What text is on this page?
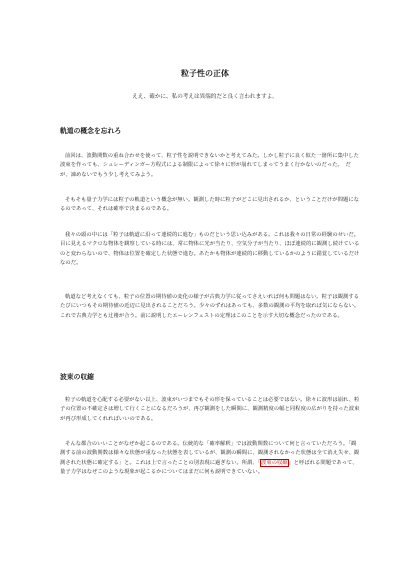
粒子性の正体
ええ、確かに、私の考えは異端的だと良く言われますよ。
軌道の概念を忘れろ

前回は、波動関数の重ね合わせを使って、粒子性を説明できないかと考えてみた。しかし粒子に良く似た一箇所に集中した波束を作っても、シュレーディンガー方程式による制限によって徐々に形が崩れてしまってうまく行かないのだった。　だが、諦めないでもう少し考えてみよう。

そもそも量子力学には粒子の軌道という概念が無い。観測した時に粒子がどこに見出されるか、ということだけが問題になるのであって、それは確率で決まるのである。

我々の頭の中には「粒子は軌道に沿って連続的に進む」ものだという思い込みがある。これは我々の日常の経験のせいだ。目に見えるマクロな物体を観察している時には、常に物体に光が当たり、空気分子が当たり、ほぼ連続的に観測し続けているのと変わらないので、物体は位置を確定した状態で進む。あたかも物体が連続的に移動しているかのように錯覚しているだけなのだ。

軌道など考えなくても、粒子の位置の期待値の変化の様子が古典力学に従ってさえいれば何も問題はない。粒子は観測するたびにいつもその期待値の近辺に見出されることだろう。少々のずれはあっても、多数の観測の平均を取れば気にならない。これで古典力学とも辻褄が合う。前に説明したエーレンフェストの定理はこのことを示す大切な概念だったのである。

波束の収縮

粒子の軌道を心配する必要がない以上、波束がいつまでもその形を保っていることは必要ではない。徐々に波形は崩れ、粒子の位置の不確定さは増して行くことになるだろうが、再び観測をした瞬間に、観測精度の幅と同程度の広がりを持った波束が再び形成してくれればいいのである。

そんな都合のいいことがなぜか起こるのである。伝統的な「確率解釈」では波動関数について何と言っていただろう。「観測する前の波動関数は様々な状態が重なった状態を表しているが、観測の瞬間に、観測されなかった状態は全て消え失せ、観測された状態に確定する」と。これは上で言ったことの別表現に過ぎない。所謂、「波束の収縮」と呼ばれる問題であって、量子力学はなぜこのような現象が起こるかについてはまだに何も説明できていない。
